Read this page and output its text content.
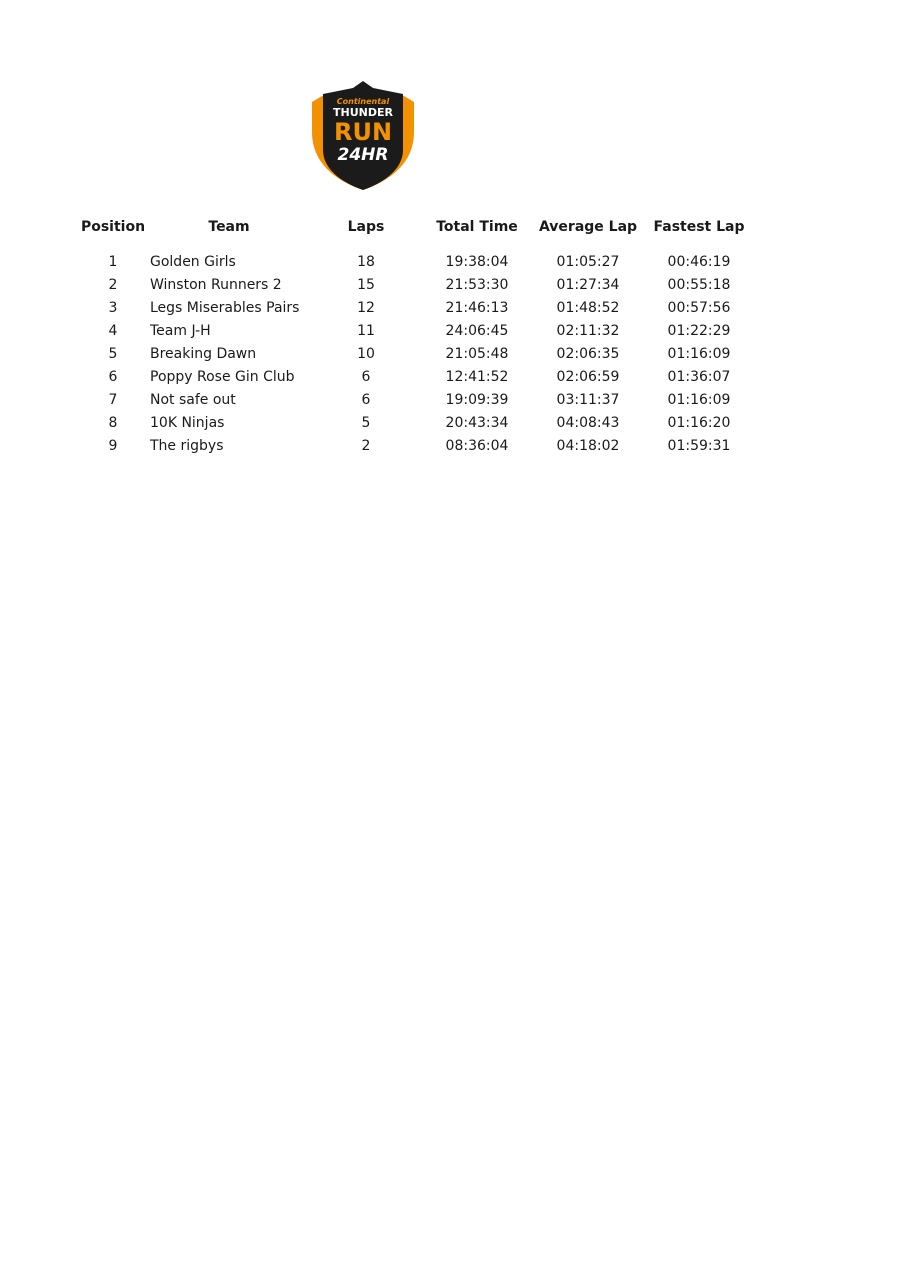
Continental
THUNDER
RUN
24HR
Position	Team	Laps	Total Time	Average Lap	Fastest Lap

1	Golden Girls	18	19:38:04	01:05:27	00:46:19
2	Winston Runners 2	15	21:53:30	01:27:34	00:55:18
3	Legs Miserables Pairs	12	21:46:13	01:48:52	00:57:56
4	Team J-H	11	24:06:45	02:11:32	01:22:29
5	Breaking Dawn	10	21:05:48	02:06:35	01:16:09
6	Poppy Rose Gin Club	6	12:41:52	02:06:59	01:36:07
7	Not safe out	6	19:09:39	03:11:37	01:16:09
8	10K Ninjas	5	20:43:34	04:08:43	01:16:20
9	The rigbys	2	08:36:04	04:18:02	01:59:31
